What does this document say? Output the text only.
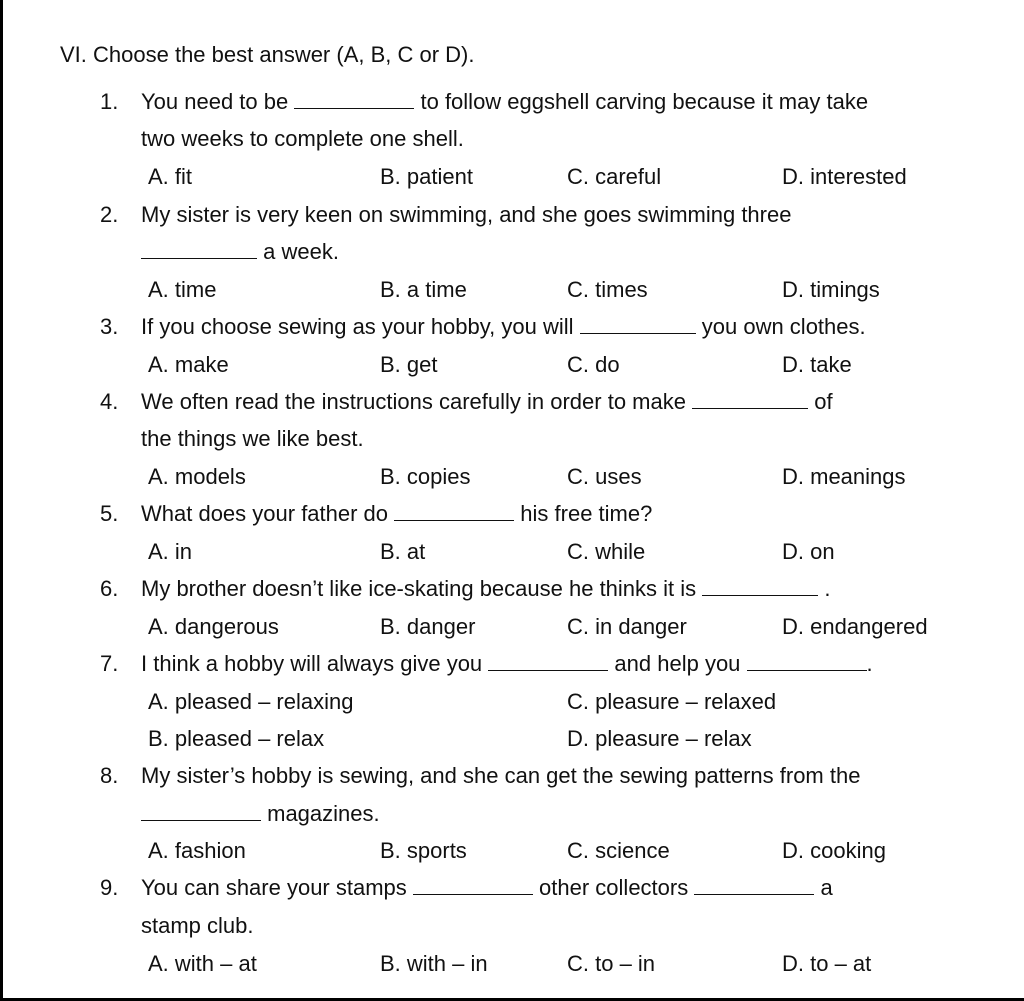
VI. Choose the best answer (A, B, C or D).
1.	You need to be	to follow eggshell carving because it may take
two weeks to complete one shell.
A. fit	B. patient	C. careful	D. interested
2.	My sister is very keen on swimming, and she goes swimming three
a week.
A. time	B. a time	C. times	D. timings
3.	If you choose sewing as your hobby, you will	you own clothes.
A. make	B. get	C. do	D. take
4.	We often read the instructions carefully in order to make	of
the things we like best.
A. models	B. copies	C. uses	D. meanings
5.	What does your father do	his free time?
A. in	B. at	C. while	D. on
6.	My brother doesn’t like ice-skating because he thinks it is	.
A. dangerous	B. danger	C. in danger	D. endangered
7.	I think a hobby will always give you	and help you	.
A. pleased – relaxing	C. pleasure – relaxed
B. pleased – relax	D. pleasure – relax
8.	My sister’s hobby is sewing, and she can get the sewing patterns from the
magazines.
A. fashion	B. sports	C. science	D. cooking
9.	You can share your stamps	other collectors	a
stamp club.
A. with – at	B. with – in	C. to – in	D. to – at
